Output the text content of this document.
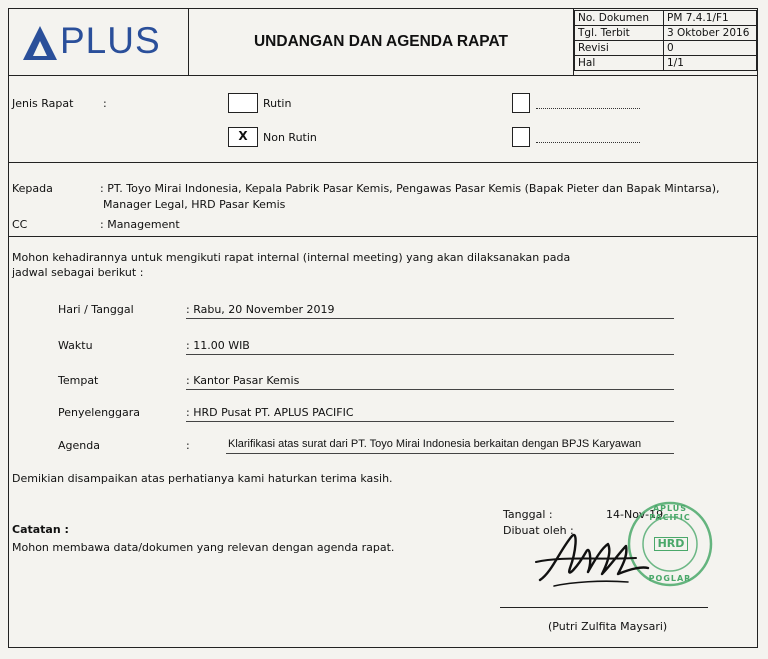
PLUS	UNDANGAN DAN AGENDA RAPAT
No. Dokumen	PM 7.4.1/F1
Tgl. Terbit	3 Oktober 2016
Revisi	0
Hal	1/1
Jenis Rapat	:	Rutin
X	Non Rutin
Kepada	: PT. Toyo Mirai Indonesia, Kepala Pabrik Pasar Kemis, Pengawas Pasar Kemis (Bapak Pieter dan Bapak Mintarsa),
Manager Legal, HRD Pasar Kemis
CC	: Management
Mohon kehadirannya untuk mengikuti rapat internal (internal meeting) yang akan dilaksanakan pada
jadwal sebagai berikut :
Hari / Tanggal	: Rabu, 20 November 2019
Waktu	: 11.00 WIB
Tempat	: Kantor Pasar Kemis
Penyelenggara	: HRD Pusat PT. APLUS PACIFIC
Agenda	:	Klarifikasi atas surat dari PT. Toyo Mirai Indonesia berkaitan dengan BPJS Karyawan
Demikian disampaikan atas perhatianya kami haturkan terima kasih.
Catatan :
Mohon membawa data/dokumen yang relevan dengan agenda rapat.
Tanggal :	14-Nov-19
Dibuat oleh :
APLUS PACIFIC
HRD
POGLAR
(Putri Zulfita Maysari)
